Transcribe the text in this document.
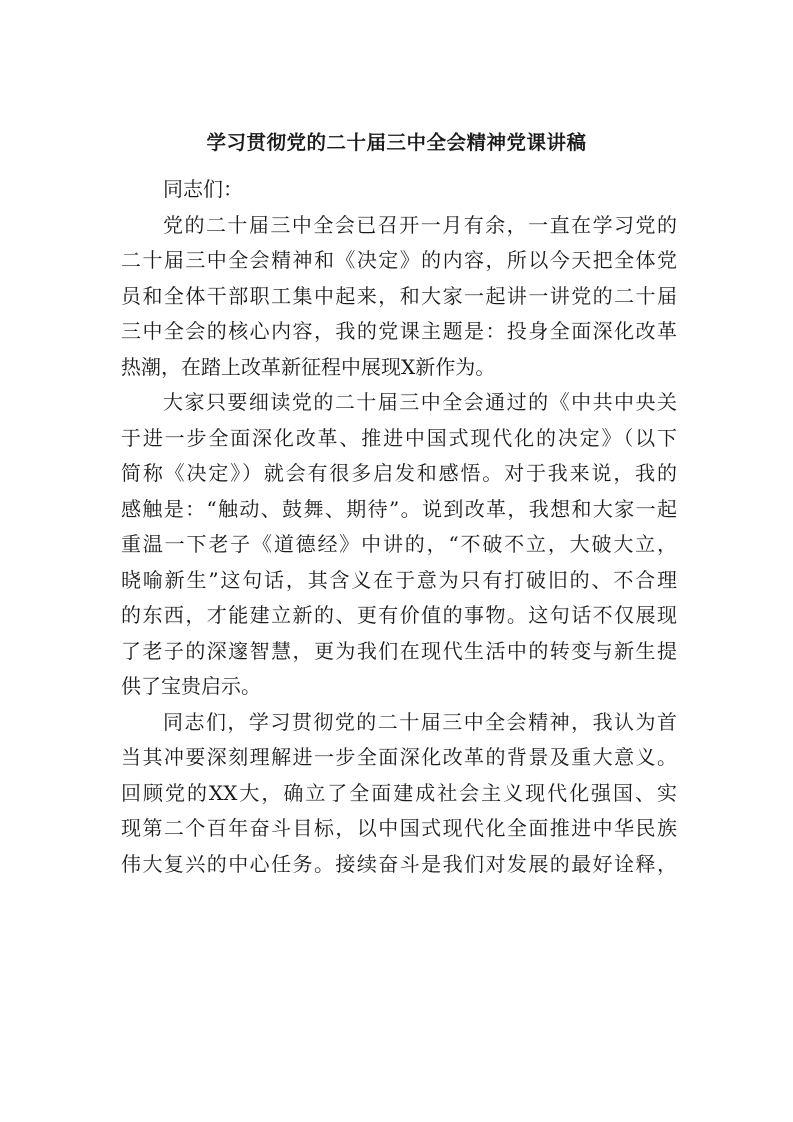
学习贯彻党的二十届三中全会精神党课讲稿
同志们：
党的二十届三中全会已召开一月有余，一直在学习党的
二十届三中全会精神和《决定》的内容，所以今天把全体党
员和全体干部职工集中起来，和大家一起讲一讲党的二十届
三中全会的核心内容，我的党课主题是：投身全面深化改革
热潮，在踏上改革新征程中展现X新作为。
大家只要细读党的二十届三中全会通过的《中共中央关
于进一步全面深化改革、推进中国式现代化的决定》（以下
简称《决定》）就会有很多启发和感悟。对于我来说，我的
感触是：“触动、鼓舞、期待”。说到改革，我想和大家一起
重温一下老子《道德经》中讲的，“不破不立，大破大立，
晓喻新生”这句话，其含义在于意为只有打破旧的、不合理
的东西，才能建立新的、更有价值的事物。这句话不仅展现
了老子的深邃智慧，更为我们在现代生活中的转变与新生提
供了宝贵启示。
同志们，学习贯彻党的二十届三中全会精神，我认为首
当其冲要深刻理解进一步全面深化改革的背景及重大意义。
回顾党的XX大，确立了全面建成社会主义现代化强国、实
现第二个百年奋斗目标，以中国式现代化全面推进中华民族
伟大复兴的中心任务。接续奋斗是我们对发展的最好诠释，
